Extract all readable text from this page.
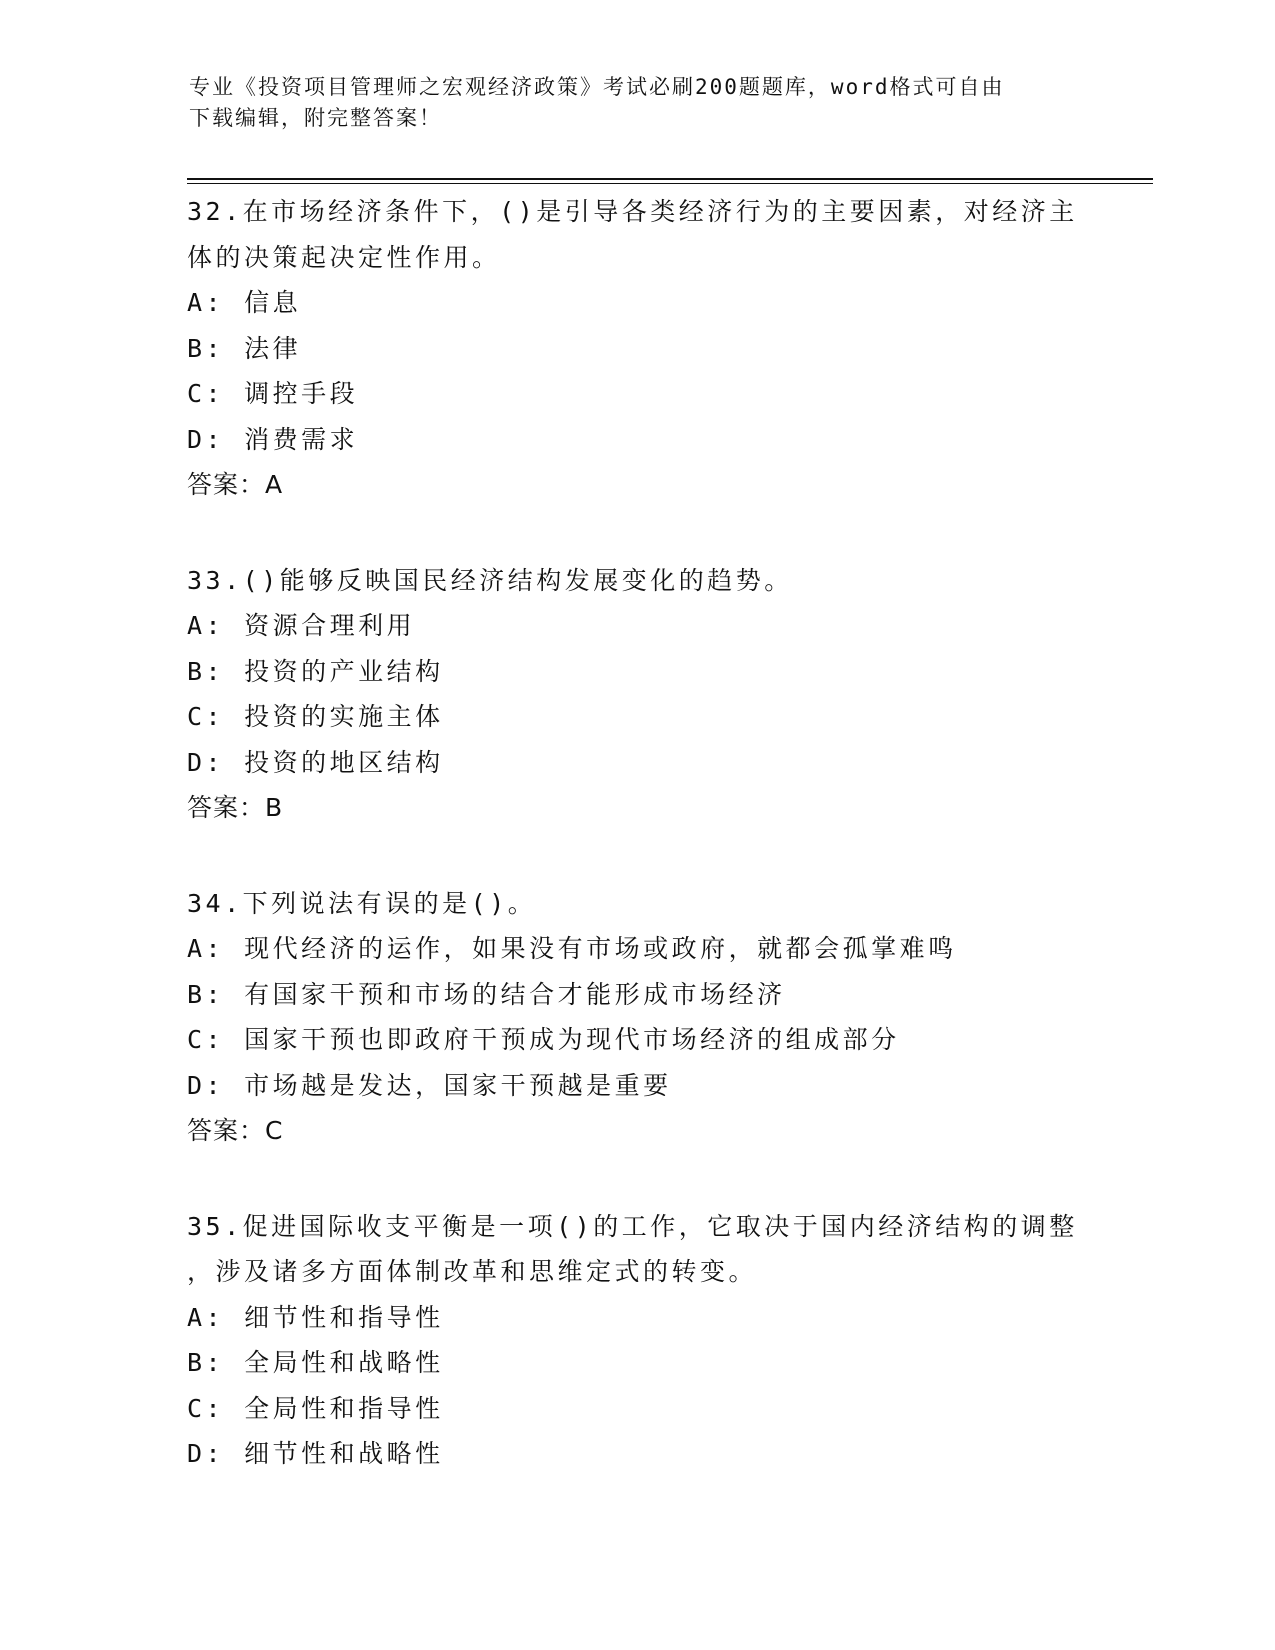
专业《投资项目管理师之宏观经济政策》考试必刷200题题库，word格式可自由
下载编辑，附完整答案！
32.在市场经济条件下，()是引导各类经济行为的主要因素，对经济主
体的决策起决定性作用。
A: 信息
B: 法律
C: 调控手段
D: 消费需求
答案：A
33.()能够反映国民经济结构发展变化的趋势。
A: 资源合理利用
B: 投资的产业结构
C: 投资的实施主体
D: 投资的地区结构
答案：B
34.下列说法有误的是()。
A: 现代经济的运作，如果没有市场或政府，就都会孤掌难鸣
B: 有国家干预和市场的结合才能形成市场经济
C: 国家干预也即政府干预成为现代市场经济的组成部分
D: 市场越是发达，国家干预越是重要
答案：C
35.促进国际收支平衡是一项()的工作，它取决于国内经济结构的调整
，涉及诸多方面体制改革和思维定式的转变。
A: 细节性和指导性
B: 全局性和战略性
C: 全局性和指导性
D: 细节性和战略性
